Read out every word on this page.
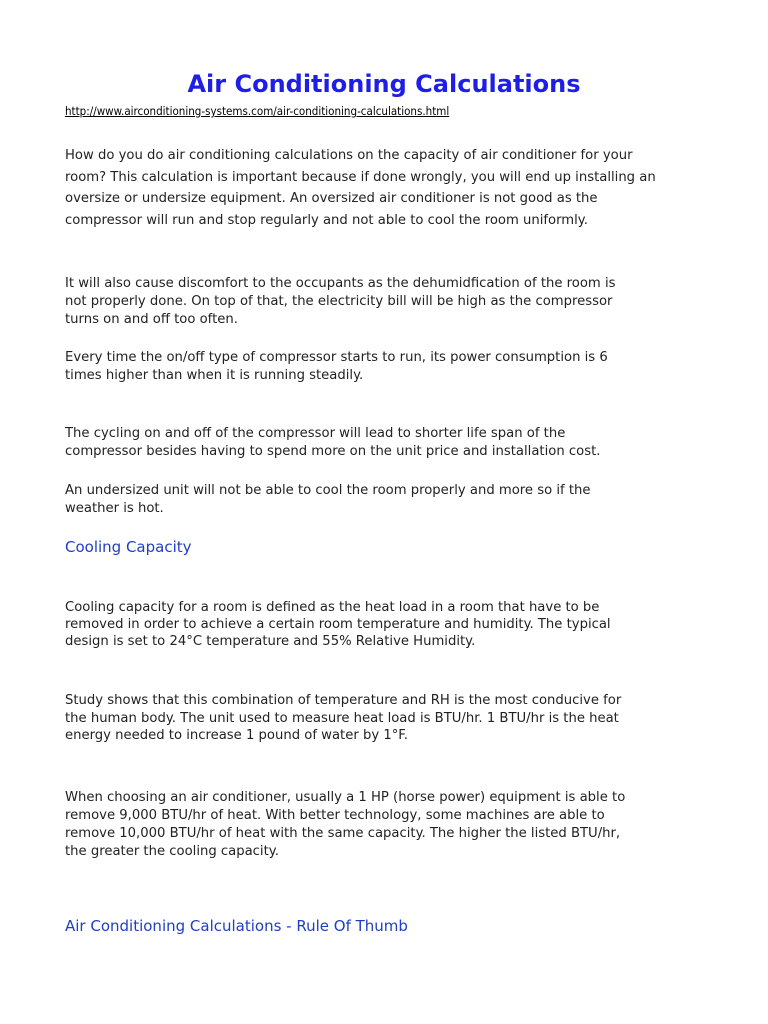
Air Conditioning Calculations
http://www.airconditioning-systems.com/air-conditioning-calculations.html

How do you do air conditioning calculations on the capacity of air conditioner for your
room? This calculation is important because if done wrongly, you will end up installing an
oversize or undersize equipment. An oversized air conditioner is not good as the
compressor will run and stop regularly and not able to cool the room uniformly.

It will also cause discomfort to the occupants as the dehumidfication of the room is
not properly done. On top of that, the electricity bill will be high as the compressor
turns on and off too often.

Every time the on/off type of compressor starts to run, its power consumption is 6
times higher than when it is running steadily.

The cycling on and off of the compressor will lead to shorter life span of the
compressor besides having to spend more on the unit price and installation cost.

An undersized unit will not be able to cool the room properly and more so if the
weather is hot.

Cooling Capacity

Cooling capacity for a room is defined as the heat load in a room that have to be
removed in order to achieve a certain room temperature and humidity. The typical
design is set to 24°C temperature and 55% Relative Humidity.

Study shows that this combination of temperature and RH is the most conducive for
the human body. The unit used to measure heat load is BTU/hr. 1 BTU/hr is the heat
energy needed to increase 1 pound of water by 1°F.

When choosing an air conditioner, usually a 1 HP (horse power) equipment is able to
remove 9,000 BTU/hr of heat. With better technology, some machines are able to
remove 10,000 BTU/hr of heat with the same capacity. The higher the listed BTU/hr,
the greater the cooling capacity.

Air Conditioning Calculations - Rule Of Thumb
